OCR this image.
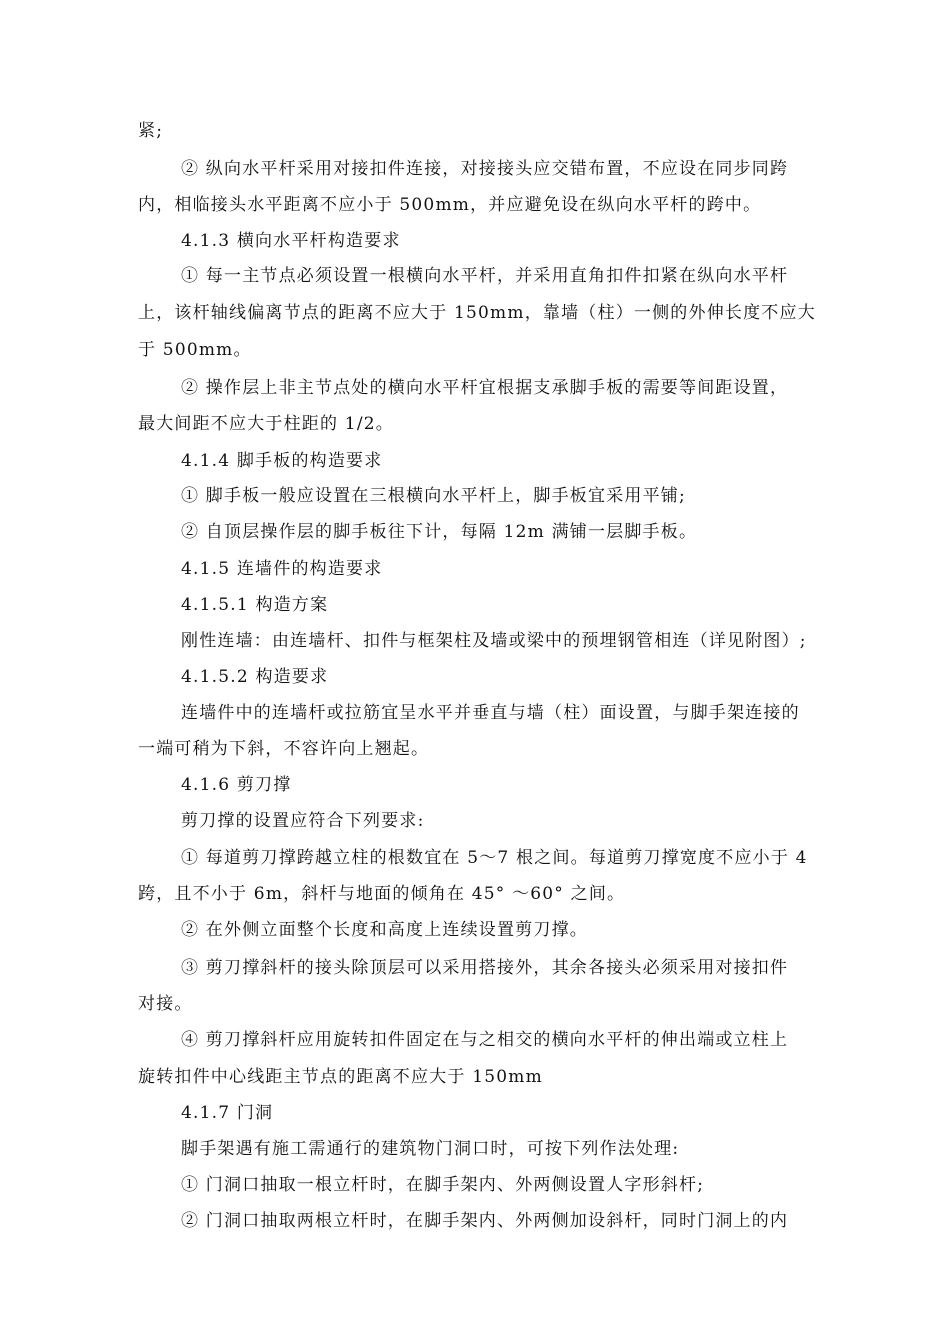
紧;
② 纵向水平杆采用对接扣件连接，对接接头应交错布置，不应设在同步同跨
内，相临接头水平距离不应小于 500mm，并应避免设在纵向水平杆的跨中。
4.1.3 横向水平杆构造要求
① 每一主节点必须设置一根横向水平杆，并采用直角扣件扣紧在纵向水平杆
上，该杆轴线偏离节点的距离不应大于 150mm，靠墙（柱）一侧的外伸长度不应大
于 500mm。
② 操作层上非主节点处的横向水平杆宜根据支承脚手板的需要等间距设置，
最大间距不应大于柱距的 1/2。
4.1.4 脚手板的构造要求
① 脚手板一般应设置在三根横向水平杆上，脚手板宜采用平铺;
② 自顶层操作层的脚手板往下计，每隔 12m 满铺一层脚手板。
4.1.5 连墙件的构造要求
4.1.5.1 构造方案
刚性连墙：由连墙杆、扣件与框架柱及墙或梁中的预埋钢管相连（详见附图）;
4.1.5.2 构造要求
连墙件中的连墙杆或拉筋宜呈水平并垂直与墙（柱）面设置，与脚手架连接的
一端可稍为下斜，不容许向上翘起。
4.1.6 剪刀撑
剪刀撑的设置应符合下列要求:
① 每道剪刀撑跨越立柱的根数宜在 5～7 根之间。每道剪刀撑宽度不应小于 4
跨，且不小于 6m，斜杆与地面的倾角在 45° ～60° 之间。
② 在外侧立面整个长度和高度上连续设置剪刀撑。
③ 剪刀撑斜杆的接头除顶层可以采用搭接外，其余各接头必须采用对接扣件
对接。
④ 剪刀撑斜杆应用旋转扣件固定在与之相交的横向水平杆的伸出端或立柱上
旋转扣件中心线距主节点的距离不应大于 150mm
4.1.7 门洞
脚手架遇有施工需通行的建筑物门洞口时，可按下列作法处理:
① 门洞口抽取一根立杆时，在脚手架内、外两侧设置人字形斜杆;
② 门洞口抽取两根立杆时，在脚手架内、外两侧加设斜杆，同时门洞上的内
